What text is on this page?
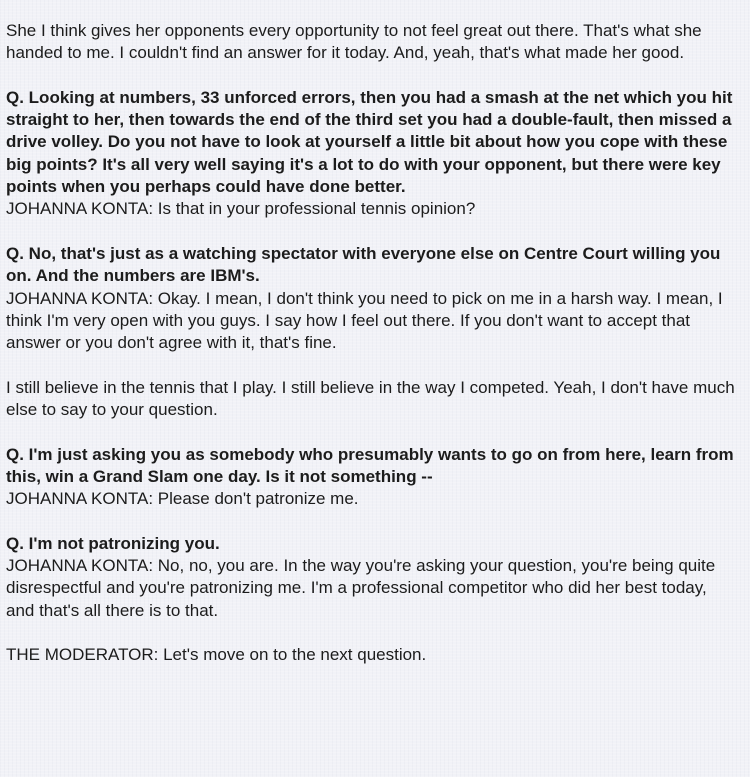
She I think gives her opponents every opportunity to not feel great out there. That's what she handed to me. I couldn't find an answer for it today. And, yeah, that's what made her good.

Q. Looking at numbers, 33 unforced errors, then you had a smash at the net which you hit straight to her, then towards the end of the third set you had a double-fault, then missed a drive volley. Do you not have to look at yourself a little bit about how you cope with these big points? It's all very well saying it's a lot to do with your opponent, but there were key points when you perhaps could have done better.
JOHANNA KONTA: Is that in your professional tennis opinion?
Q. No, that's just as a watching spectator with everyone else on Centre Court willing you on. And the numbers are IBM's.
JOHANNA KONTA: Okay. I mean, I don't think you need to pick on me in a harsh way. I mean, I think I'm very open with you guys. I say how I feel out there. If you don't want to accept that answer or you don't agree with it, that's fine.

I still believe in the tennis that I play. I still believe in the way I competed. Yeah, I don't have much else to say to your question.

Q. I'm just asking you as somebody who presumably wants to go on from here, learn from this, win a Grand Slam one day. Is it not something --
JOHANNA KONTA: Please don't patronize me.
Q. I'm not patronizing you.
JOHANNA KONTA: No, no, you are. In the way you're asking your question, you're being quite disrespectful and you're patronizing me. I'm a professional competitor who did her best today, and that's all there is to that.

THE MODERATOR: Let's move on to the next question.
